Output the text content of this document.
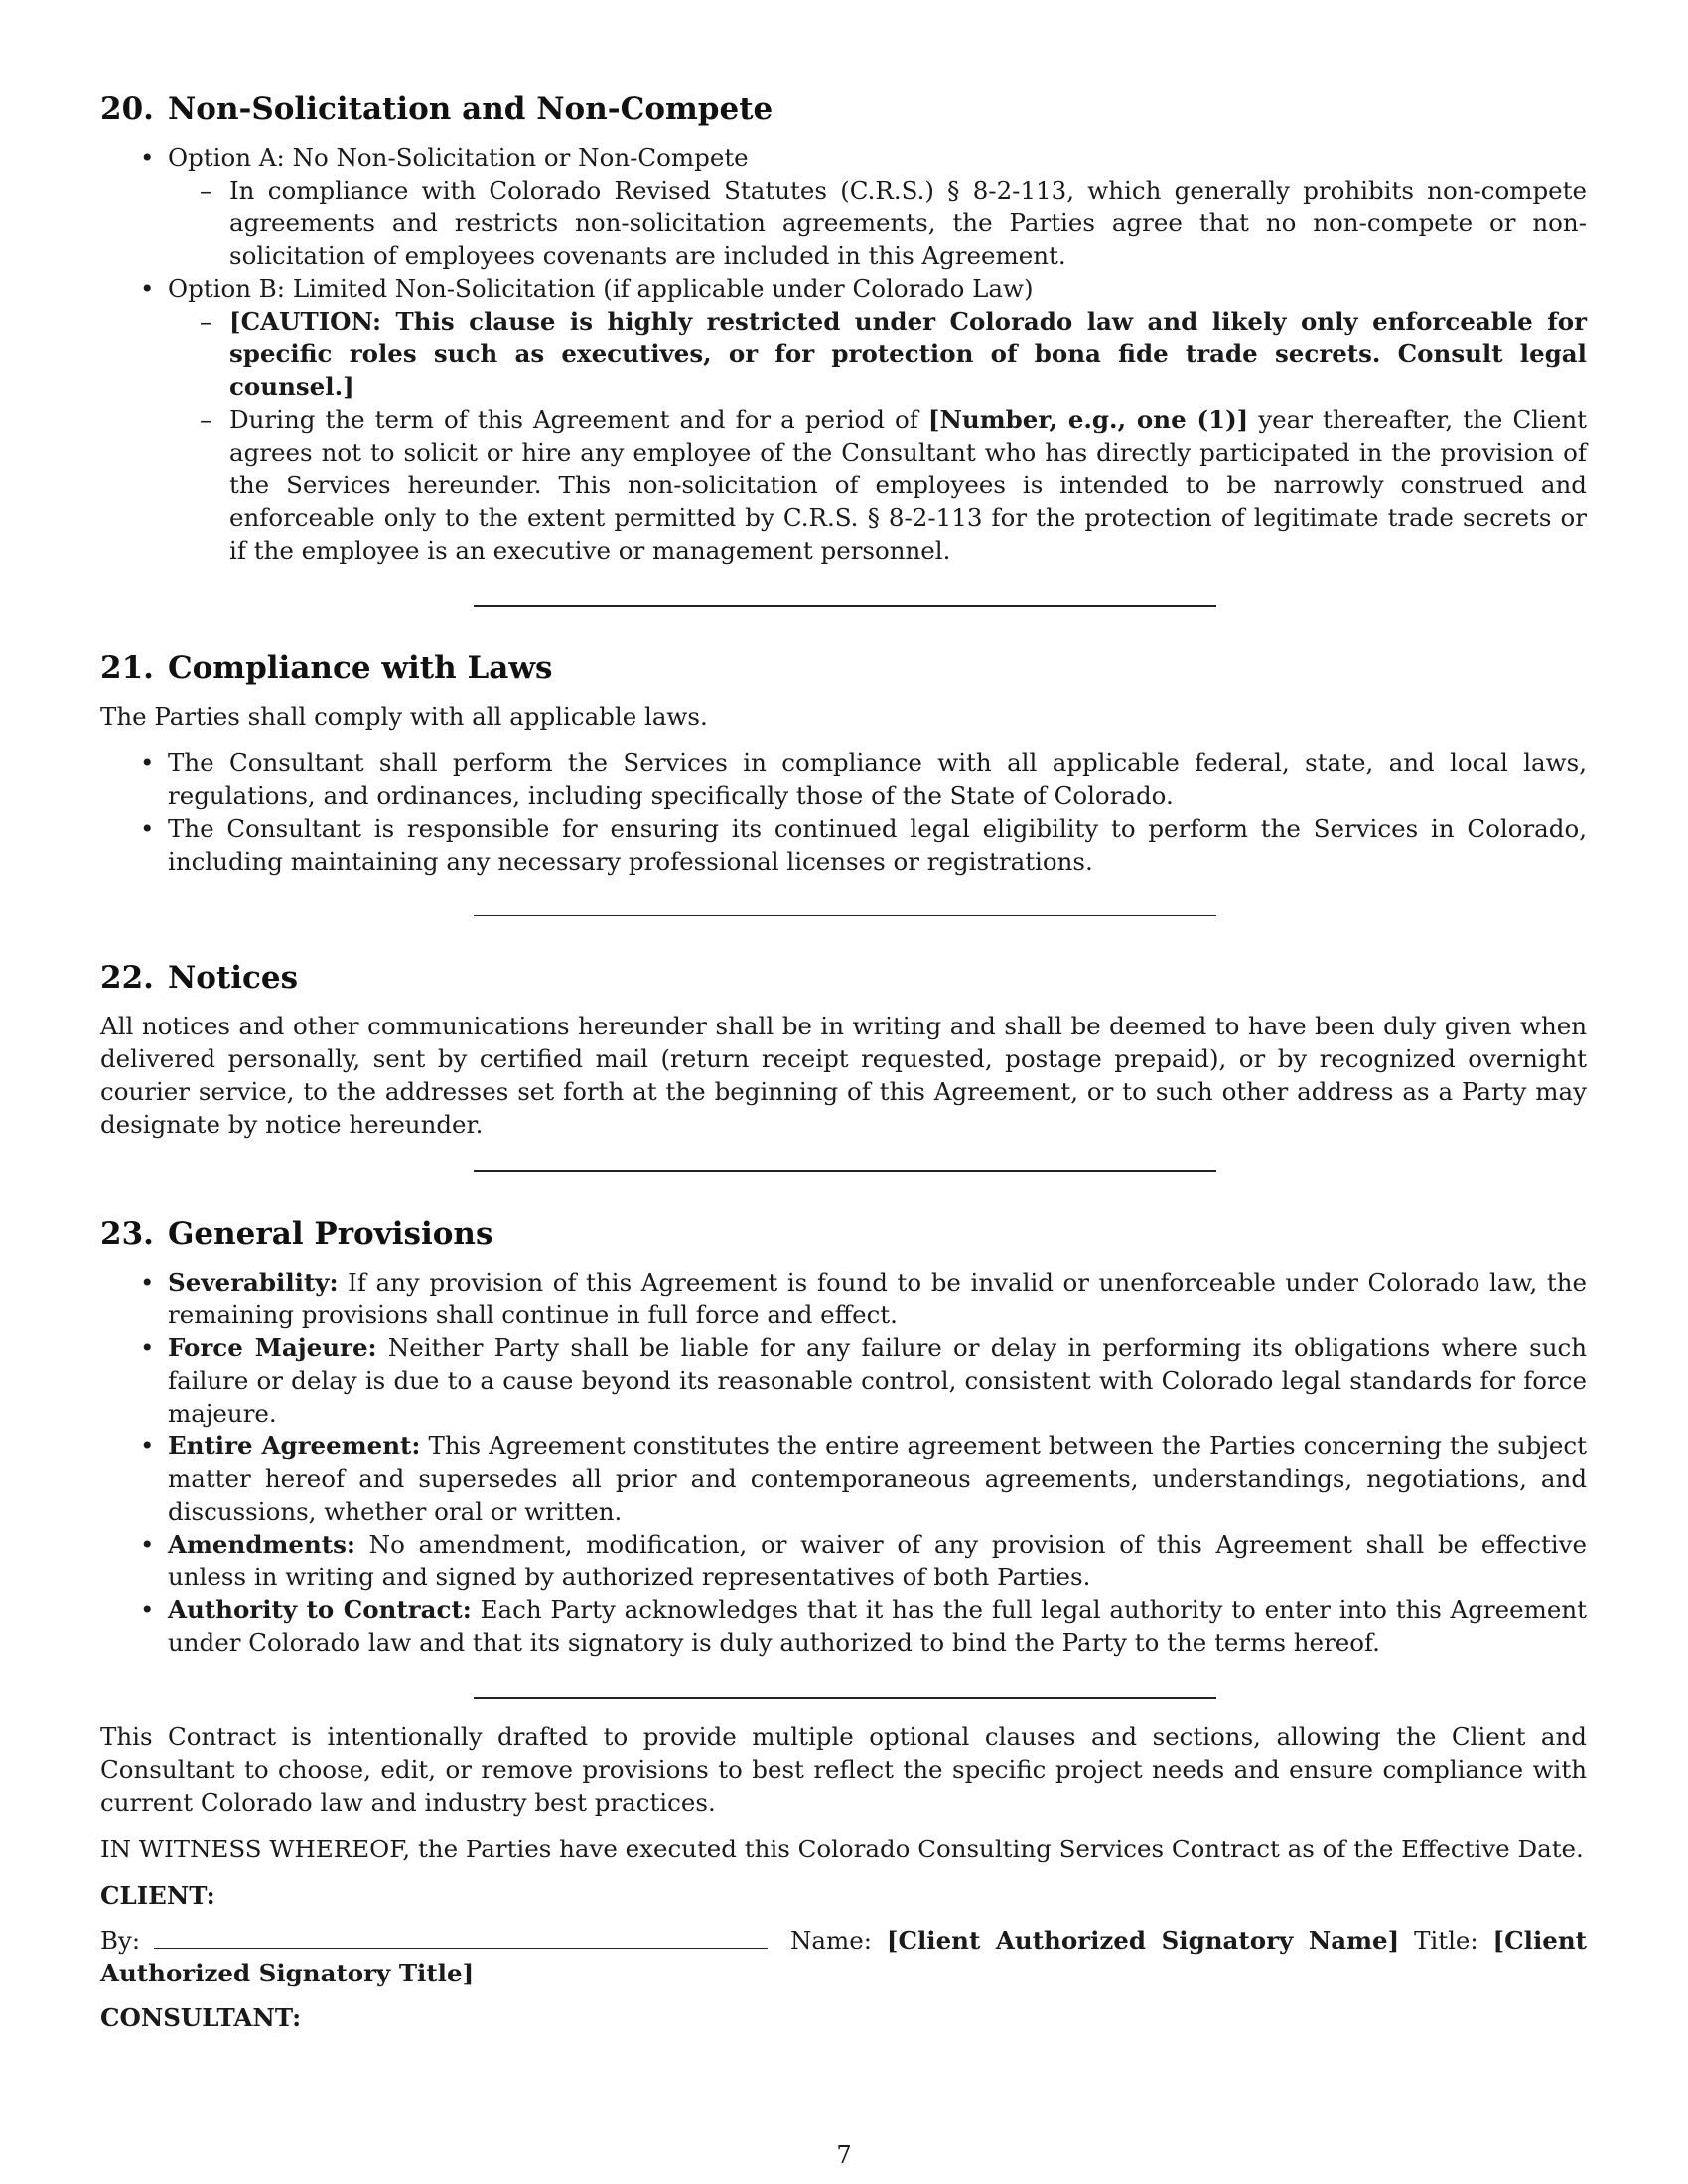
20. Non-Solicitation and Non-Compete
• Option A: No Non-Solicitation or Non-Compete
– In compliance with Colorado Revised Statutes (C.R.S.) § 8-2-113, which generally prohibits non-compete agreements and restricts non-solicitation agreements, the Parties agree that no non-compete or non-solicitation of employees covenants are included in this Agreement.
• Option B: Limited Non-Solicitation (if applicable under Colorado Law)
– [CAUTION: This clause is highly restricted under Colorado law and likely only enforceable for specific roles such as executives, or for protection of bona fide trade secrets. Consult legal counsel.]
– During the term of this Agreement and for a period of [Number, e.g., one (1)] year thereafter, the Client agrees not to solicit or hire any employee of the Consultant who has directly participated in the provision of the Services hereunder. This non-solicitation of employees is intended to be narrowly construed and enforceable only to the extent permitted by C.R.S. § 8-2-113 for the protection of legitimate trade secrets or if the employee is an executive or management personnel.
21. Compliance with Laws

The Parties shall comply with all applicable laws.

• The Consultant shall perform the Services in compliance with all applicable federal, state, and local laws, regulations, and ordinances, including specifically those of the State of Colorado.
• The Consultant is responsible for ensuring its continued legal eligibility to perform the Services in Colorado, including maintaining any necessary professional licenses or registrations.
22. Notices

All notices and other communications hereunder shall be in writing and shall be deemed to have been duly given when delivered personally, sent by certified mail (return receipt requested, postage prepaid), or by recognized overnight courier service, to the addresses set forth at the beginning of this Agreement, or to such other address as a Party may designate by notice hereunder.

23. General Provisions
• Severability: If any provision of this Agreement is found to be invalid or unenforceable under Colorado law, the remaining provisions shall continue in full force and effect.
• Force Majeure: Neither Party shall be liable for any failure or delay in performing its obligations where such failure or delay is due to a cause beyond its reasonable control, consistent with Colorado legal standards for force majeure.
• Entire Agreement: This Agreement constitutes the entire agreement between the Parties concerning the subject matter hereof and supersedes all prior and contemporaneous agreements, understandings, negotiations, and discussions, whether oral or written.
• Amendments: No amendment, modification, or waiver of any provision of this Agreement shall be effective unless in writing and signed by authorized representatives of both Parties.
• Authority to Contract: Each Party acknowledges that it has the full legal authority to enter into this Agreement under Colorado law and that its signatory is duly authorized to bind the Party to the terms hereof.

This Contract is intentionally drafted to provide multiple optional clauses and sections, allowing the Client and Consultant to choose, edit, or remove provisions to best reflect the specific project needs and ensure compliance with current Colorado law and industry best practices.

IN WITNESS WHEREOF, the Parties have executed this Colorado Consulting Services Contract as of the Effective Date.

CLIENT:

By:	Name: [Client Authorized Signatory Name] Title: [Client Authorized Signatory Title]

CONSULTANT:

7
